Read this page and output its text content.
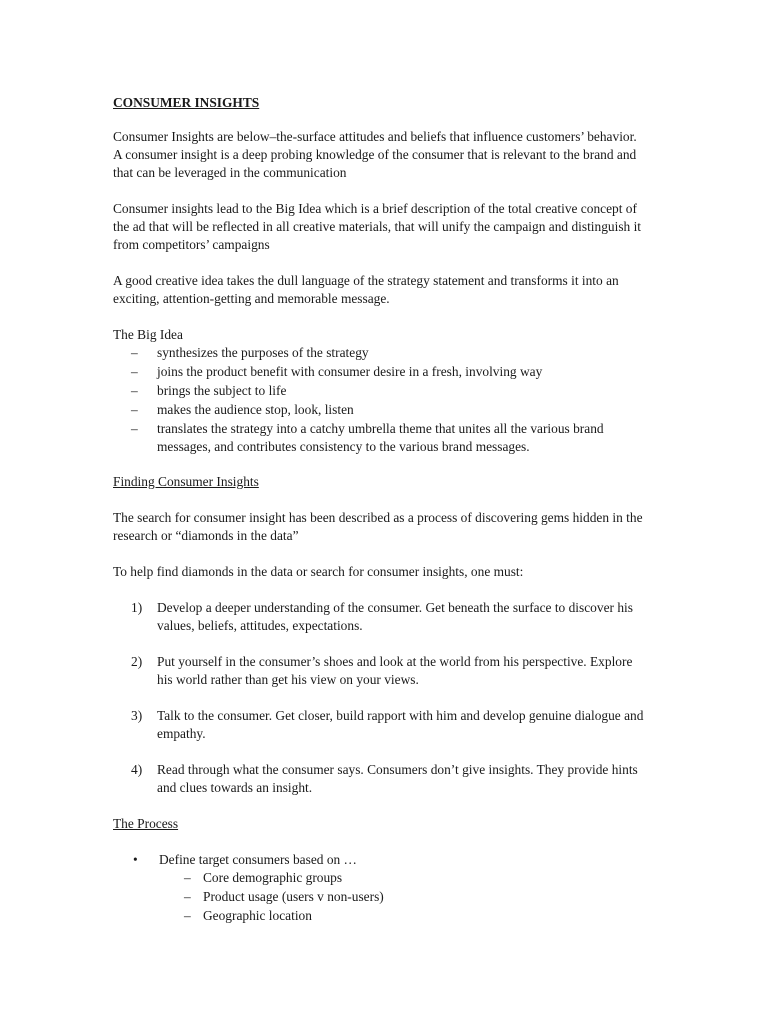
CONSUMER INSIGHTS

Consumer Insights are below–the-surface attitudes and beliefs that influence customers’ behavior. A consumer insight is a deep probing knowledge of the consumer that is relevant to the brand and that can be leveraged in the communication

Consumer insights lead to the Big Idea which is a brief description of the total creative concept of the ad that will be reflected in all creative materials, that will unify the campaign and distinguish it from competitors’ campaigns

A good creative idea takes the dull language of the strategy statement and transforms it into an exciting, attention-getting and memorable message.

The Big Idea
– synthesizes the purposes of the strategy
– joins the product benefit with consumer desire in a fresh, involving way
– brings the subject to life
– makes the audience stop, look, listen
– translates the strategy into a catchy umbrella theme that unites all the various brand messages, and contributes consistency to the various brand messages.
Finding Consumer Insights

The search for consumer insight has been described as a process of discovering gems hidden in the research or “diamonds in the data”

To help find diamonds in the data or search for consumer insights, one must:

1) Develop a deeper understanding of the consumer. Get beneath the surface to discover his values, beliefs, attitudes, expectations.
2) Put yourself in the consumer’s shoes and look at the world from his perspective. Explore his world rather than get his view on your views.
3) Talk to the consumer. Get closer, build rapport with him and develop genuine dialogue and empathy.
4) Read through what the consumer says. Consumers don’t give insights. They provide hints and clues towards an insight.
The Process
• Define target consumers based on …
– Core demographic groups
– Product usage (users v non-users)
– Geographic location
